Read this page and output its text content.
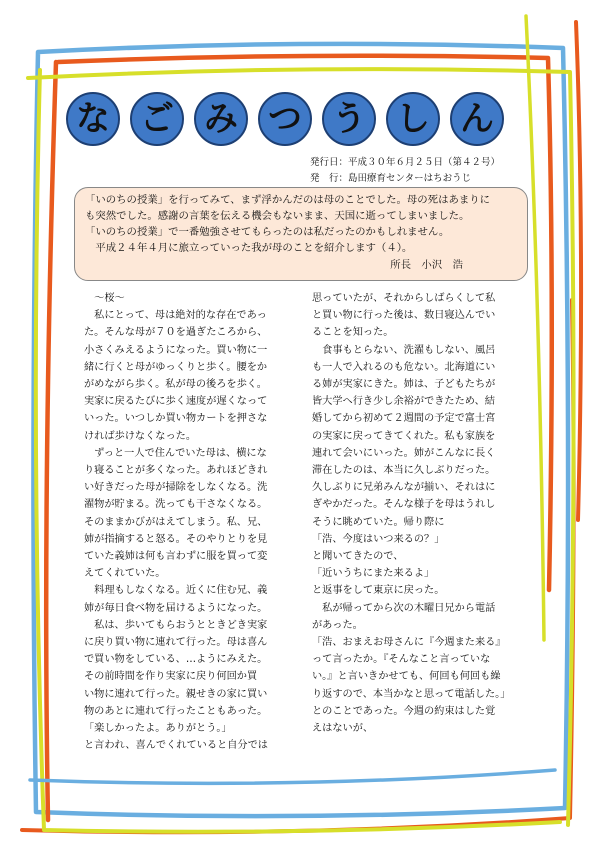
な ご み つ う し ん
発行日：平成３０年６月２５日（第４２号）
発　行：島田療育センターはちおうじ

「いのちの授業」を行ってみて、まず浮かんだのは母のことでした。母の死はあまりに

も突然でした。感謝の言葉を伝える機会もないまま、天国に逝ってしまいました。

「いのちの授業」で一番勉強させてもらったのは私だったのかもしれません。

　平成２４年４月に旅立っていった我が母のことを紹介します（４）。

所長　小沢　浩

　～桜～

　私にとって、母は絶対的な存在であっ

た。そんな母が７０を過ぎたころから、

小さくみえるようになった。買い物に一

緒に行くと母がゆっくりと歩く。腰をか

がめながら歩く。私が母の後ろを歩く。

実家に戻るたびに歩く速度が遅くなって

いった。いつしか買い物カートを押さな

ければ歩けなくなった。

　ずっと一人で住んでいた母は、横にな

り寝ることが多くなった。あれほどきれ

い好きだった母が掃除をしなくなる。洗

濯物が貯まる。洗っても干さなくなる。

そのままかびがはえてしまう。私、兄、

姉が指摘すると怒る。そのやりとりを見

ていた義姉は何も言わずに服を買って変

えてくれていた。

　料理もしなくなる。近くに住む兄、義

姉が毎日食べ物を届けるようになった。

　私は、歩いてもらおうとときどき実家

に戻り買い物に連れて行った。母は喜ん

で買い物をしている、…ようにみえた。

その前時間を作り実家に戻り何回か買

い物に連れて行った。親せきの家に買い

物のあとに連れて行ったこともあった。

「楽しかったよ。ありがとう。」

と言われ、喜んでくれていると自分では

思っていたが、それからしばらくして私

と買い物に行った後は、数日寝込んでい

ることを知った。

　食事もとらない、洗濯もしない、風呂

も一人で入れるのも危ない。北海道にい

る姉が実家にきた。姉は、子どもたちが

皆大学へ行き少し余裕ができたため、結

婚してから初めて２週間の予定で富士宮

の実家に戻ってきてくれた。私も家族を

連れて会いにいった。姉がこんなに長く

滞在したのは、本当に久しぶりだった。

久しぶりに兄弟みんなが揃い、それはに

ぎやかだった。そんな様子を母はうれし

そうに眺めていた。帰り際に

「浩、今度はいつ来るの？」

と聞いてきたので、

「近いうちにまた来るよ」

と返事をして東京に戻った。

　私が帰ってから次の木曜日兄から電話

があった。

「浩、おまえお母さんに『今週また来る』

って言ったか。『そんなこと言っていな

い。』と言いきかせても、何回も何回も繰

り返すので、本当かなと思って電話した。」

とのことであった。今週の約束はした覚

えはないが、
